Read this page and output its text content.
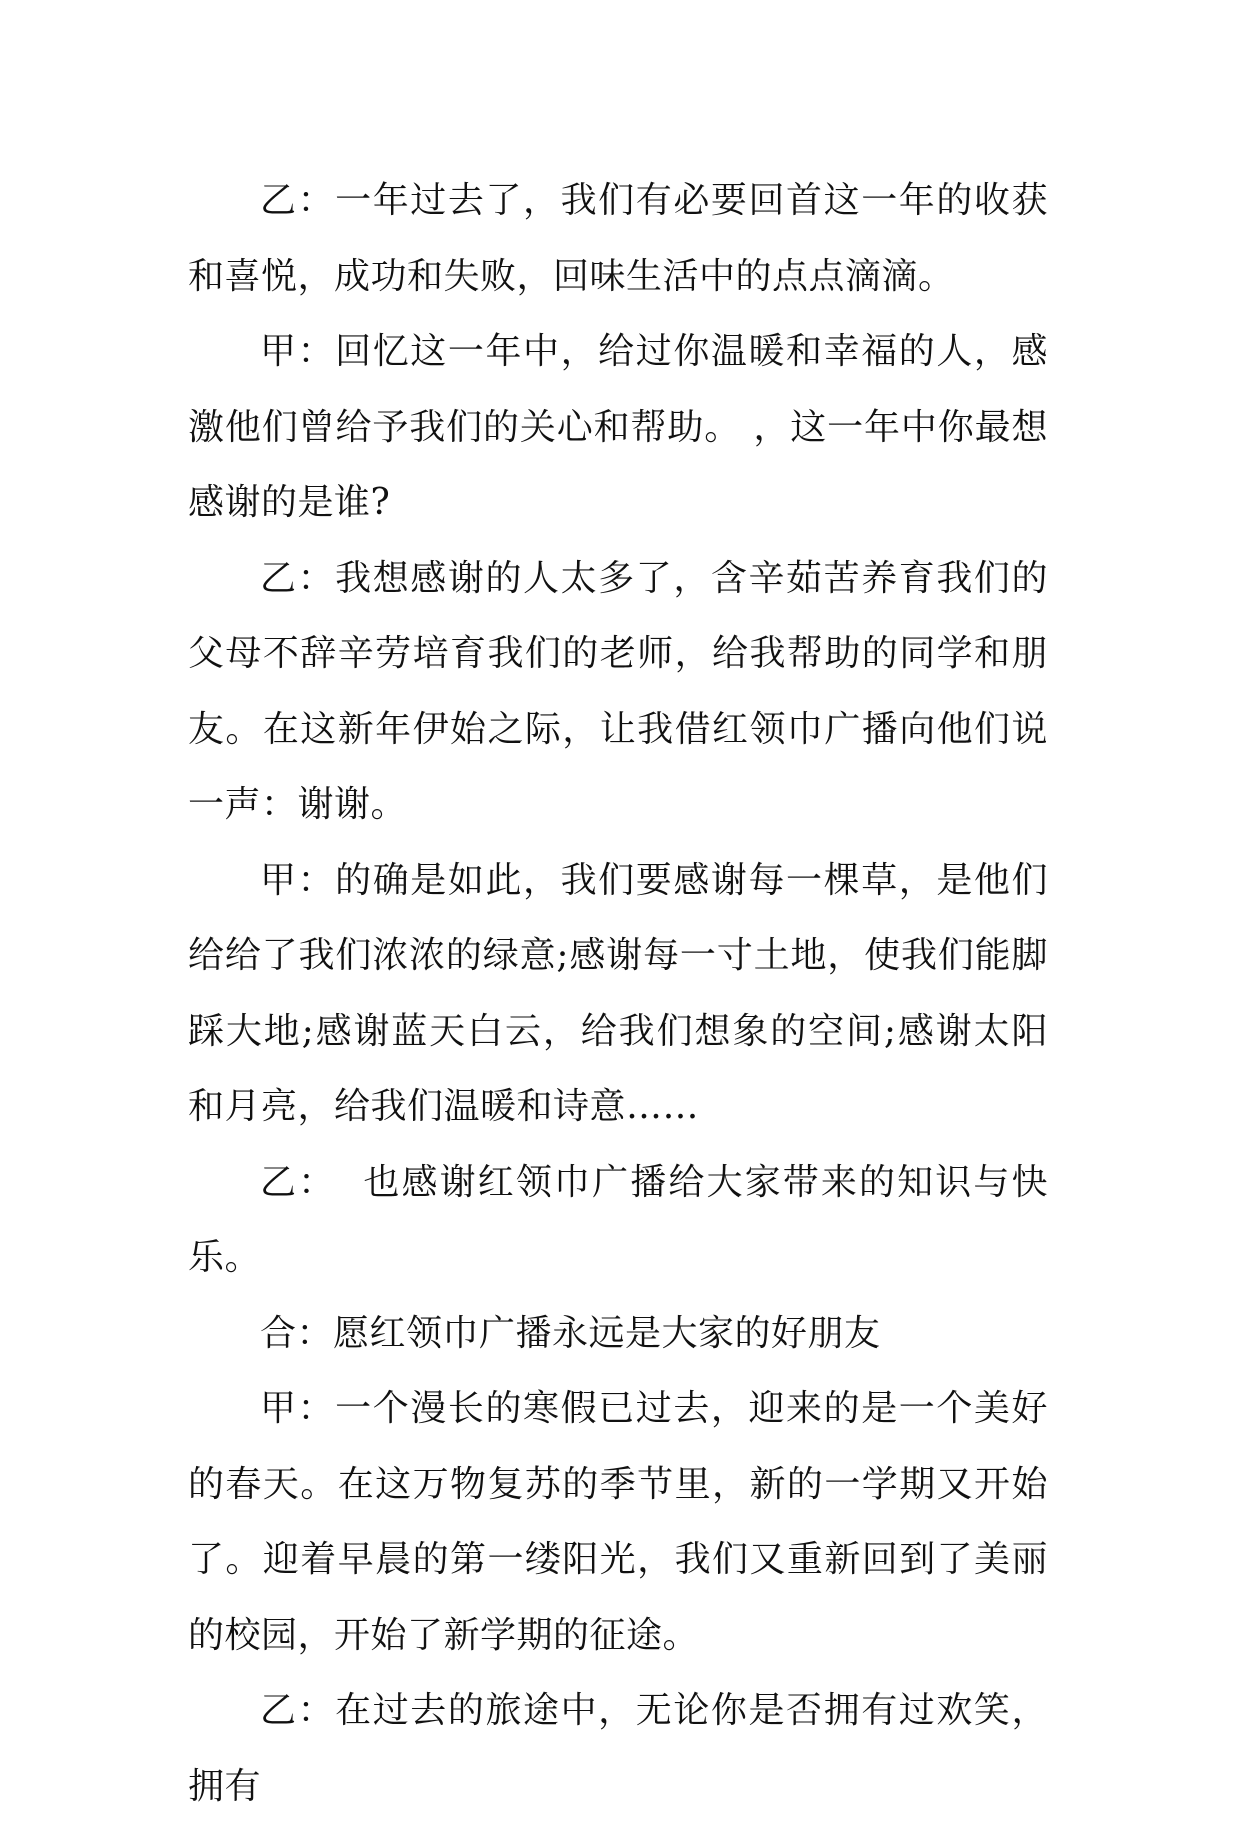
乙：一年过去了，我们有必要回首这一年的收获和喜悦，成功和失败，回味生活中的点点滴滴。

甲：回忆这一年中，给过你温暖和幸福的人，感激他们曾给予我们的关心和帮助。 ，这一年中你最想感谢的是谁?

乙：我想感谢的人太多了，含辛茹苦养育我们的父母不辞辛劳培育我们的老师，给我帮助的同学和朋友。在这新年伊始之际，让我借红领巾广播向他们说一声：谢谢。

甲：的确是如此，我们要感谢每一棵草，是他们给给了我们浓浓的绿意;感谢每一寸土地，使我们能脚踩大地;感谢蓝天白云，给我们想象的空间;感谢太阳和月亮，给我们温暖和诗意……

乙：  也感谢红领巾广播给大家带来的知识与快乐。

合：愿红领巾广播永远是大家的好朋友

甲：一个漫长的寒假已过去，迎来的是一个美好的春天。在这万物复苏的季节里，新的一学期又开始了。迎着早晨的第一缕阳光，我们又重新回到了美丽的校园，开始了新学期的征途。

乙：在过去的旅途中，无论你是否拥有过欢笑，拥有
